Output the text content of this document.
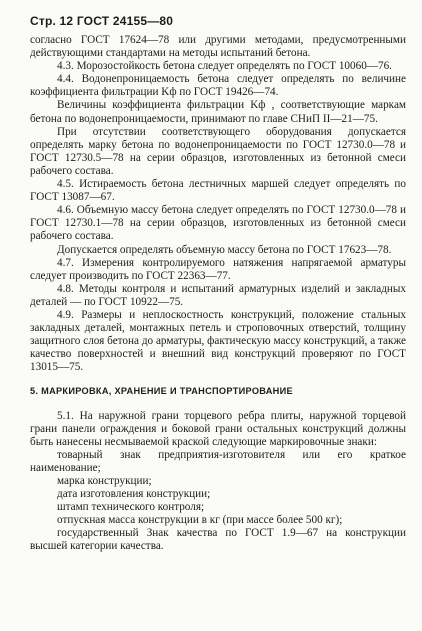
Стр. 12 ГОСТ 24155—80

согласно ГОСТ 17624—78 или другими методами, предусмотренными действующими стандартами на методы испытаний бетона.

4.3. Морозостойкость бетона следует определять по ГОСТ 10060—76.

4.4. Водонепроницаемость бетона следует определять по величине коэффициента фильтрации Kф по ГОСТ 19426—74.

Величины коэффициента фильтрации Kф , соответствующие маркам бетона по водонепроницаемости, принимают по главе СНиП II—21—75.

При отсутствии соответствующего оборудования допускается определять марку бетона по водонепроницаемости по ГОСТ 12730.0—78 и ГОСТ 12730.5—78 на серии образцов, изготовленных из бетонной смеси рабочего состава.

4.5. Истираемость бетона лестничных маршей следует определять по ГОСТ 13087—67.

4.6. Объемную массу бетона следует определять по ГОСТ 12730.0—78 и ГОСТ 12730.1—78 на серии образцов, изготовленных из бетонной смеси рабочего состава.

Допускается определять объемную массу бетона по ГОСТ 17623—78.

4.7. Измерения контролируемого натяжения напрягаемой арматуры следует производить по ГОСТ 22363—77.

4.8. Методы контроля и испытаний арматурных изделий и закладных деталей — по ГОСТ 10922—75.

4.9. Размеры и неплоскостность конструкций, положение стальных закладных деталей, монтажных петель и строповочных отверстий, толщину защитного слоя бетона до арматуры, фактическую массу конструкций, а также качество поверхностей и внешний вид конструкций проверяют по ГОСТ 13015—75.

5. МАРКИРОВКА, ХРАНЕНИЕ И ТРАНСПОРТИРОВАНИЕ

5.1. На наружной грани торцевого ребра плиты, наружной торцевой грани панели ограждения и боковой грани остальных конструкций должны быть нанесены несмываемой краской следующие маркировочные знаки:

товарный знак предприятия-изготовителя или его краткое наименование;

марка конструкции;

дата изготовления конструкции;

штамп технического контроля;

отпускная масса конструкции в кг (при массе более 500 кг);

государственный Знак качества по ГОСТ 1.9—67 на конструкции высшей категории качества.
